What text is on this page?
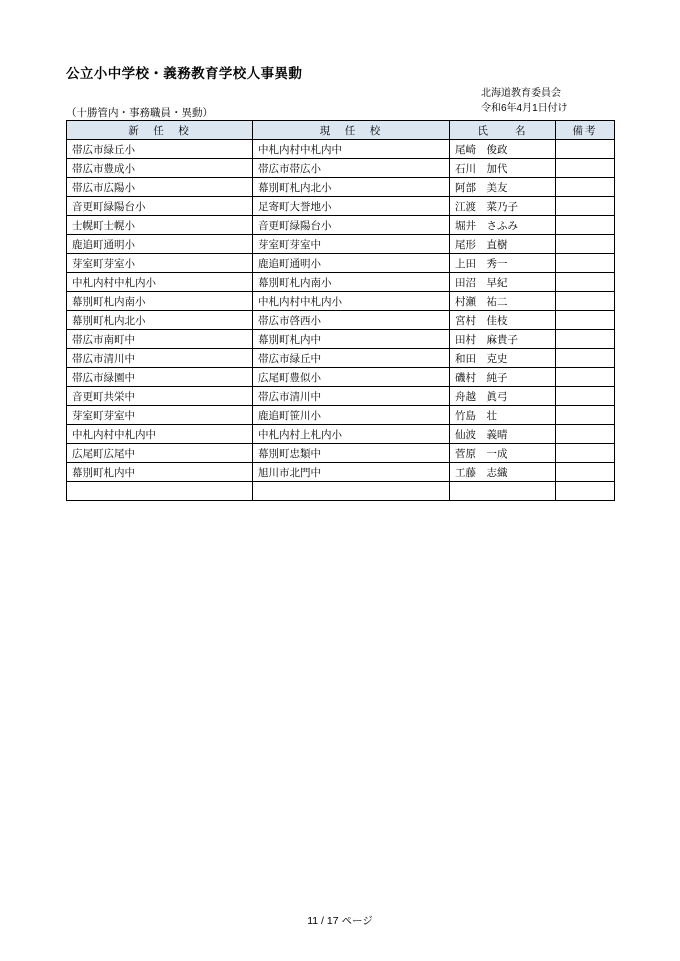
公立小中学校・義務教育学校人事異動
北海道教育委員会
令和6年4月1日付け
（十勝管内・事務職員・異動）
新　任　校	現　任　校	氏　　名	備考
帯広市緑丘小	中札内村中札内中	尾崎　俊政	
帯広市豊成小	帯広市帯広小	石川　加代	
帯広市広陽小	幕別町札内北小	阿部　美友	
音更町緑陽台小	足寄町大誉地小	江渡　菜乃子	
士幌町士幌小	音更町緑陽台小	堀井　さふみ	
鹿追町通明小	芽室町芽室中	尾形　直樹	
芽室町芽室小	鹿追町通明小	上田　秀一	
中札内村中札内小	幕別町札内南小	田沼　早紀	
幕別町札内南小	中札内村中札内小	村瀬　祐二	
幕別町札内北小	帯広市啓西小	宮村　佳枝	
帯広市南町中	幕別町札内中	田村　麻貴子	
帯広市清川中	帯広市緑丘中	和田　克史	
帯広市緑園中	広尾町豊似小	磯村　純子	
音更町共栄中	帯広市清川中	舟越　眞弓	
芽室町芽室中	鹿追町笹川小	竹島　壮	
中札内村中札内中	中札内村上札内小	仙波　義晴	
広尾町広尾中	幕別町忠類中	菅原　一成	
幕別町札内中	旭川市北門中	工藤　志織	

11 / 17 ページ
